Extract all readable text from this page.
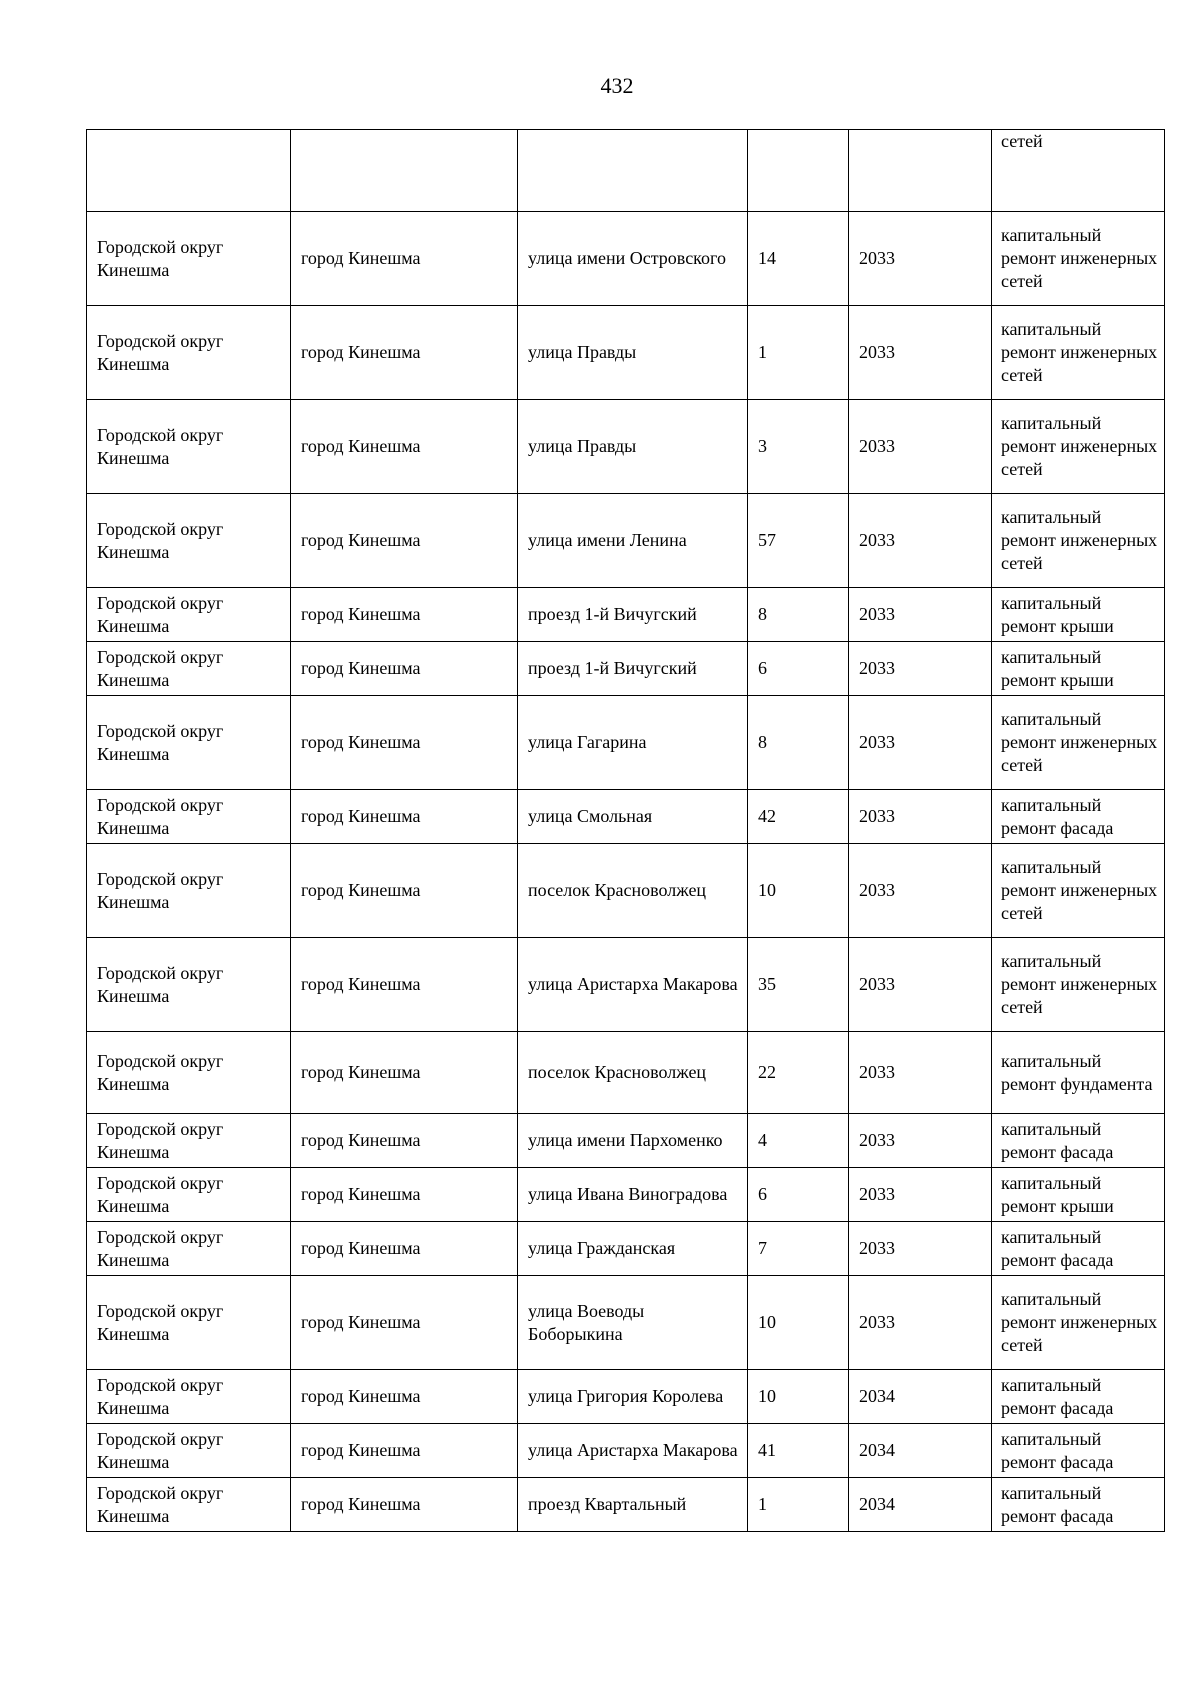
432
					сетей
Городской округ Кинешма	город Кинешма	улица имени Островского	14	2033	капитальный ремонт инженерных сетей
Городской округ Кинешма	город Кинешма	улица Правды	1	2033	капитальный ремонт инженерных сетей
Городской округ Кинешма	город Кинешма	улица Правды	3	2033	капитальный ремонт инженерных сетей
Городской округ Кинешма	город Кинешма	улица имени Ленина	57	2033	капитальный ремонт инженерных сетей
Городской округ Кинешма	город Кинешма	проезд 1-й Вичугский	8	2033	капитальный ремонт крыши
Городской округ Кинешма	город Кинешма	проезд 1-й Вичугский	6	2033	капитальный ремонт крыши
Городской округ Кинешма	город Кинешма	улица Гагарина	8	2033	капитальный ремонт инженерных сетей
Городской округ Кинешма	город Кинешма	улица Смольная	42	2033	капитальный ремонт фасада
Городской округ Кинешма	город Кинешма	поселок Красноволжец	10	2033	капитальный ремонт инженерных сетей
Городской округ Кинешма	город Кинешма	улица Аристарха Макарова	35	2033	капитальный ремонт инженерных сетей
Городской округ Кинешма	город Кинешма	поселок Красноволжец	22	2033	капитальный ремонт фундамента
Городской округ Кинешма	город Кинешма	улица имени Пархоменко	4	2033	капитальный ремонт фасада
Городской округ Кинешма	город Кинешма	улица Ивана Виноградова	6	2033	капитальный ремонт крыши
Городской округ Кинешма	город Кинешма	улица Гражданская	7	2033	капитальный ремонт фасада
Городской округ Кинешма	город Кинешма	улица Воеводы Боборыкина	10	2033	капитальный ремонт инженерных сетей
Городской округ Кинешма	город Кинешма	улица Григория Королева	10	2034	капитальный ремонт фасада
Городской округ Кинешма	город Кинешма	улица Аристарха Макарова	41	2034	капитальный ремонт фасада
Городской округ Кинешма	город Кинешма	проезд Квартальный	1	2034	капитальный ремонт фасада
